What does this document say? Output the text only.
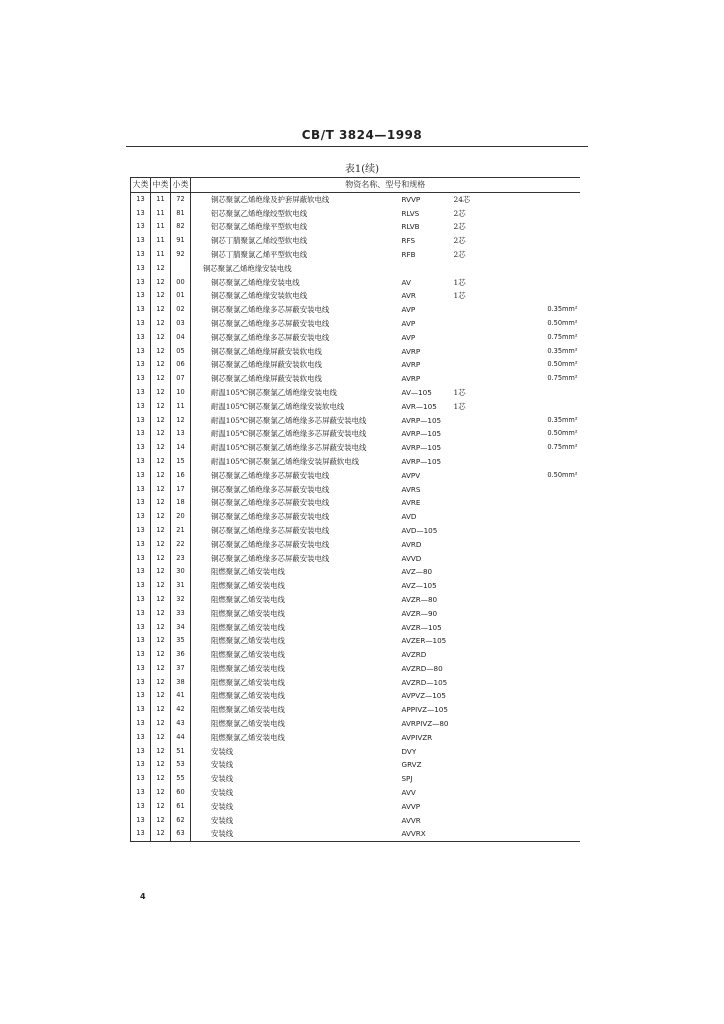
CB/T 3824—1998
表1(续)
大类	中类	小类	物资名称、型号和规格			
13	11	72	铜芯聚氯乙烯绝缘及护套屏蔽软电线	RVVP	24芯	
13	11	81	铝芯聚氯乙烯绝缘绞型软电线	RLVS	2芯	
13	11	82	铝芯聚氯乙烯绝缘平型软电线	RLVB	2芯	
13	11	91	铜芯丁腈聚氯乙烯绞型软电线	RFS	2芯	
13	11	92	铜芯丁腈聚氯乙烯平型软电线	RFB	2芯	
13	12		铜芯聚氯乙烯绝缘安装电线			
13	12	00	铜芯聚氯乙烯绝缘安装电线	AV	1芯	
13	12	01	铜芯聚氯乙烯绝缘安装软电线	AVR	1芯	
13	12	02	铜芯聚氯乙烯绝缘多芯屏蔽安装电线	AVP		0.35mm²
13	12	03	铜芯聚氯乙烯绝缘多芯屏蔽安装电线	AVP		0.50mm²
13	12	04	铜芯聚氯乙烯绝缘多芯屏蔽安装电线	AVP		0.75mm²
13	12	05	铜芯聚氯乙烯绝缘屏蔽安装软电线	AVRP		0.35mm²
13	12	06	铜芯聚氯乙烯绝缘屏蔽安装软电线	AVRP		0.50mm²
13	12	07	铜芯聚氯乙烯绝缘屏蔽安装软电线	AVRP		0.75mm²
13	12	10	耐温105℃铜芯聚氯乙烯绝缘安装电线	AV—105	1芯	
13	12	11	耐温105℃铜芯聚氯乙烯绝缘安装软电线	AVR—105	1芯	
13	12	12	耐温105℃铜芯聚氯乙烯绝缘多芯屏蔽安装电线	AVRP—105		0.35mm²
13	12	13	耐温105℃铜芯聚氯乙烯绝缘多芯屏蔽安装电线	AVRP—105		0.50mm²
13	12	14	耐温105℃铜芯聚氯乙烯绝缘多芯屏蔽安装电线	AVRP—105		0.75mm²
13	12	15	耐温105℃铜芯聚氯乙烯绝缘安装屏蔽软电线	AVRP—105		
13	12	16	铜芯聚氯乙烯绝缘多芯屏蔽安装电线	AVPV		0.50mm²
13	12	17	铜芯聚氯乙烯绝缘多芯屏蔽安装电线	AVRS		
13	12	18	铜芯聚氯乙烯绝缘多芯屏蔽安装电线	AVRE		
13	12	20	铜芯聚氯乙烯绝缘多芯屏蔽安装电线	AVD		
13	12	21	铜芯聚氯乙烯绝缘多芯屏蔽安装电线	AVD—105		
13	12	22	铜芯聚氯乙烯绝缘多芯屏蔽安装电线	AVRD		
13	12	23	铜芯聚氯乙烯绝缘多芯屏蔽安装电线	AVVD		
13	12	30	阻燃聚氯乙烯安装电线	AVZ—80		
13	12	31	阻燃聚氯乙烯安装电线	AVZ—105		
13	12	32	阻燃聚氯乙烯安装电线	AVZR—80		
13	12	33	阻燃聚氯乙烯安装电线	AVZR—90		
13	12	34	阻燃聚氯乙烯安装电线	AVZR—105		
13	12	35	阻燃聚氯乙烯安装电线	AVZER—105		
13	12	36	阻燃聚氯乙烯安装电线	AVZRD		
13	12	37	阻燃聚氯乙烯安装电线	AVZRD—80		
13	12	38	阻燃聚氯乙烯安装电线	AVZRD—105		
13	12	41	阻燃聚氯乙烯安装电线	AVPVZ—105		
13	12	42	阻燃聚氯乙烯安装电线	APPIVZ—105		
13	12	43	阻燃聚氯乙烯安装电线	AVRPIVZ—80		
13	12	44	阻燃聚氯乙烯安装电线	AVPIVZR		
13	12	51	安装线	DVY		
13	12	53	安装线	GRVZ		
13	12	55	安装线	SPJ		
13	12	60	安装线	AVV		
13	12	61	安装线	AVVP		
13	12	62	安装线	AVVR		
13	12	63	安装线	AVVRX		
4
